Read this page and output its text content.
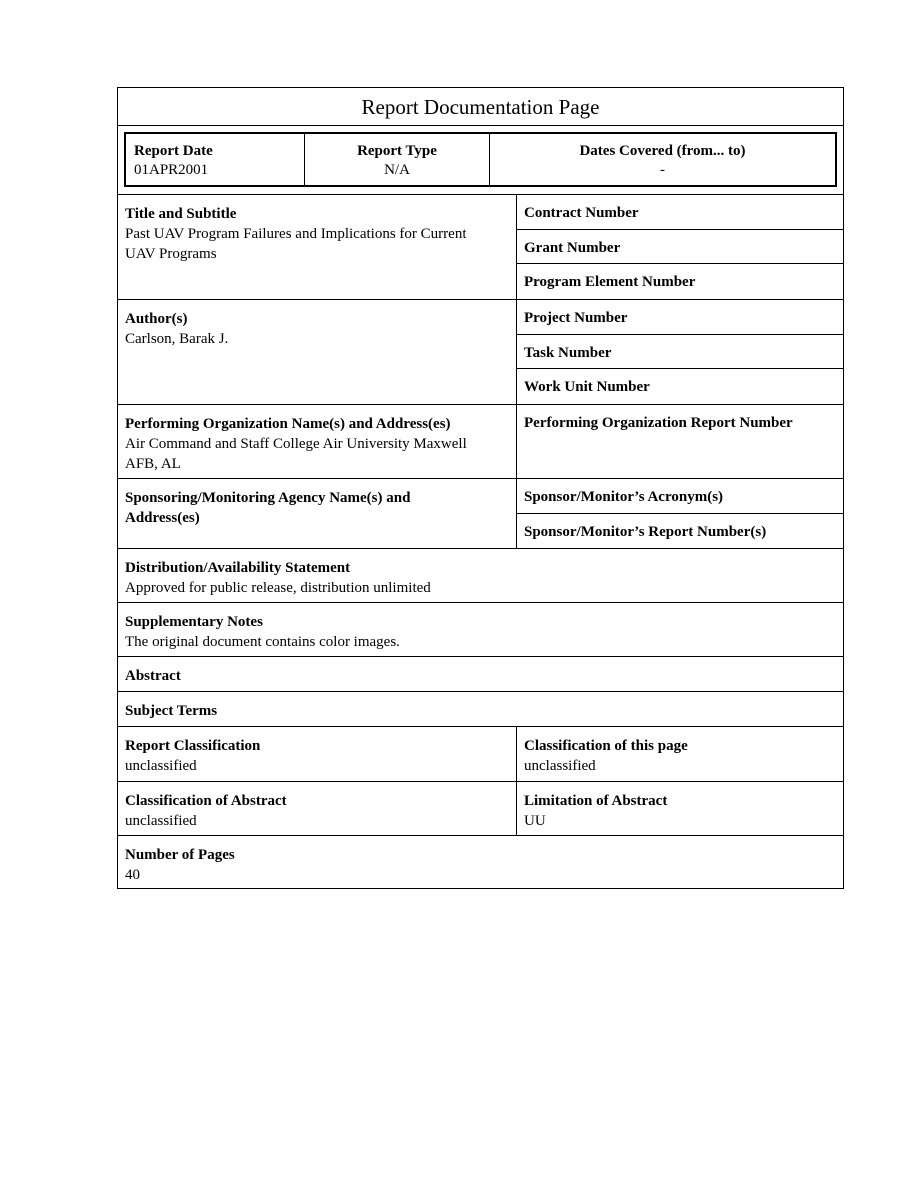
Report Documentation Page
Report Date
01APR2001
Report Type
N/A
Dates Covered (from... to)
-
Title and Subtitle
Past UAV Program Failures and Implications for Current
UAV Programs
Contract Number
Grant Number
Program Element Number
Author(s)
Carlson, Barak J.
Project Number
Task Number
Work Unit Number
Performing Organization Name(s) and Address(es)
Air Command and Staff College Air University Maxwell
AFB, AL
Performing Organization Report Number
Sponsoring/Monitoring Agency Name(s) and
Address(es)
Sponsor/Monitor’s Acronym(s)
Sponsor/Monitor’s Report Number(s)
Distribution/Availability Statement
Approved for public release, distribution unlimited
Supplementary Notes
The original document contains color images.
Abstract
Subject Terms
Report Classification
unclassified
Classification of this page
unclassified
Classification of Abstract
unclassified
Limitation of Abstract
UU
Number of Pages
40
